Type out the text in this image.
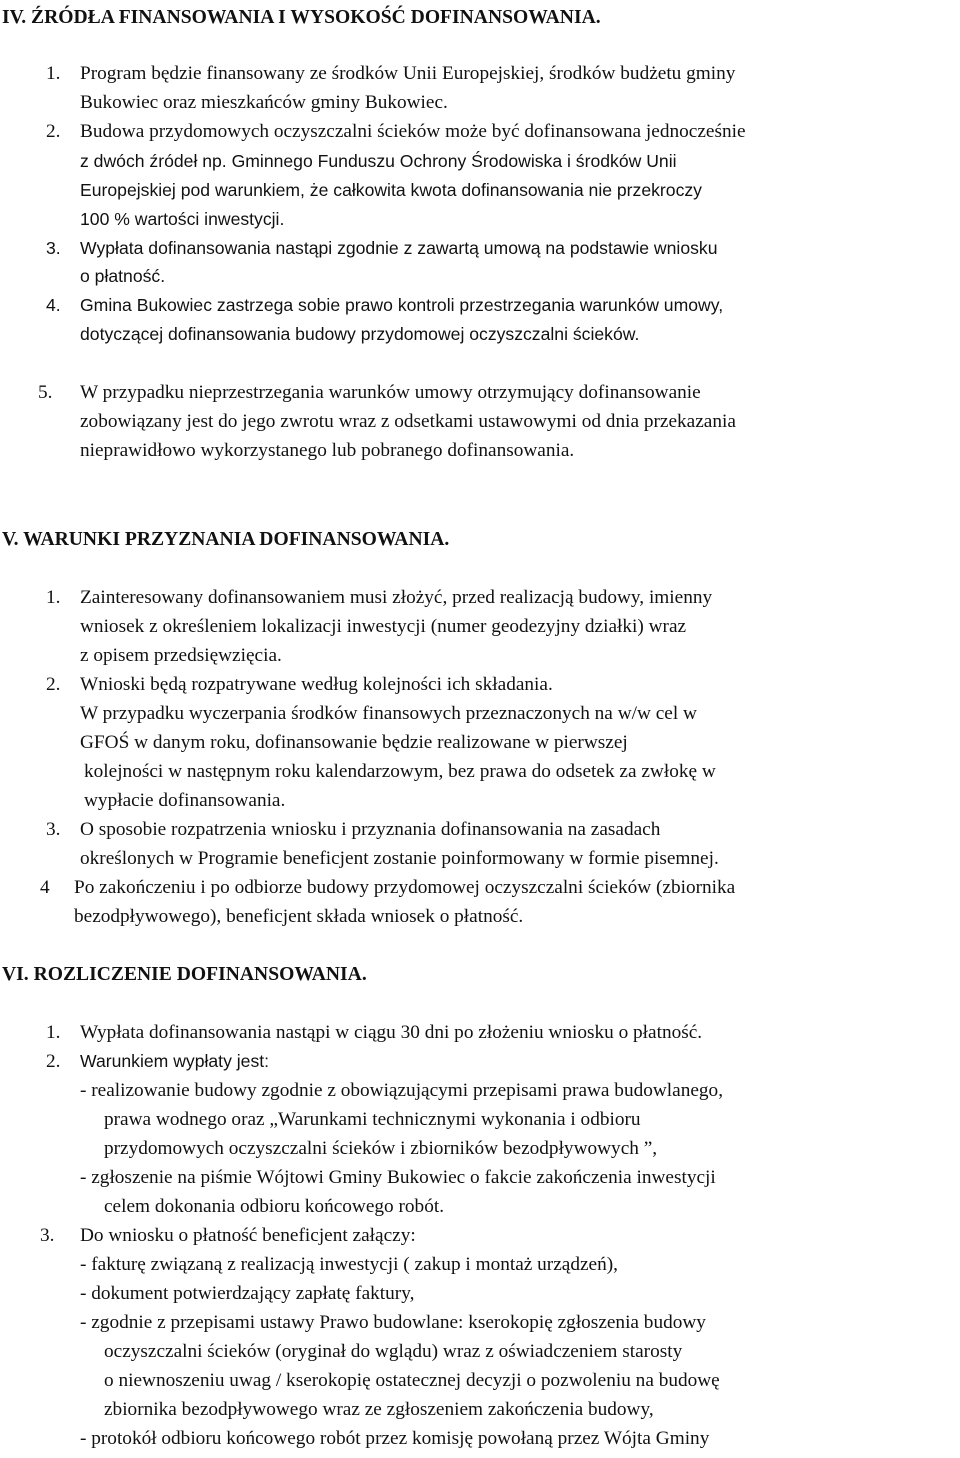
IV. ŹRÓDŁA FINANSOWANIA I WYSOKOŚĆ DOFINANSOWANIA.
1. Program będzie finansowany ze środków Unii Europejskiej, środków budżetu gminy
Bukowiec oraz mieszkańców gminy Bukowiec.
2. Budowa przydomowych oczyszczalni ścieków może być dofinansowana jednocześnie
z dwóch źródeł np. Gminnego Funduszu Ochrony Środowiska i środków Unii
Europejskiej pod warunkiem, że całkowita kwota dofinansowania nie przekroczy
100 % wartości inwestycji.
3. Wypłata dofinansowania nastąpi zgodnie z zawartą umową na podstawie wniosku
o płatność.
4. Gmina Bukowiec zastrzega sobie prawo kontroli przestrzegania warunków umowy,
dotyczącej dofinansowania budowy przydomowej oczyszczalni ścieków.
5. W przypadku nieprzestrzegania warunków umowy otrzymujący dofinansowanie
zobowiązany jest do jego zwrotu wraz z odsetkami ustawowymi od dnia przekazania
nieprawidłowo wykorzystanego lub pobranego dofinansowania.
V. WARUNKI PRZYZNANIA DOFINANSOWANIA.
1. Zainteresowany dofinansowaniem musi złożyć, przed realizacją budowy, imienny
wniosek z określeniem lokalizacji inwestycji (numer geodezyjny działki) wraz
z opisem przedsięwzięcia.
2. Wnioski będą rozpatrywane według kolejności ich składania.
W przypadku wyczerpania środków finansowych przeznaczonych na w/w cel w
GFOŚ w danym roku, dofinansowanie będzie realizowane w pierwszej
kolejności w następnym roku kalendarzowym, bez prawa do odsetek za zwłokę w
wypłacie dofinansowania.
3. O sposobie rozpatrzenia wniosku i przyznania dofinansowania na zasadach
określonych w Programie beneficjent zostanie poinformowany w formie pisemnej.
4 Po zakończeniu i po odbiorze budowy przydomowej oczyszczalni ścieków (zbiornika
bezodpływowego), beneficjent składa wniosek o płatność.
VI. ROZLICZENIE DOFINANSOWANIA.
1. Wypłata dofinansowania nastąpi w ciągu 30 dni po złożeniu wniosku o płatność.
2. Warunkiem wypłaty jest:
- realizowanie budowy zgodnie z obowiązującymi przepisami prawa budowlanego,
prawa wodnego oraz „Warunkami technicznymi wykonania i odbioru
przydomowych oczyszczalni ścieków i zbiorników bezodpływowych ”,
- zgłoszenie na piśmie Wójtowi Gminy Bukowiec o fakcie zakończenia inwestycji
celem dokonania odbioru końcowego robót.
3. Do wniosku o płatność beneficjent załączy:
- fakturę związaną z realizacją inwestycji ( zakup i montaż urządzeń),
- dokument potwierdzający zapłatę faktury,
- zgodnie z przepisami ustawy Prawo budowlane: kserokopię zgłoszenia budowy
oczyszczalni ścieków (oryginał do wglądu) wraz z oświadczeniem starosty
o niewnoszeniu uwag / kserokopię ostatecznej decyzji o pozwoleniu na budowę
zbiornika bezodpływowego wraz ze zgłoszeniem zakończenia budowy,
- protokół odbioru końcowego robót przez komisję powołaną przez Wójta Gminy
